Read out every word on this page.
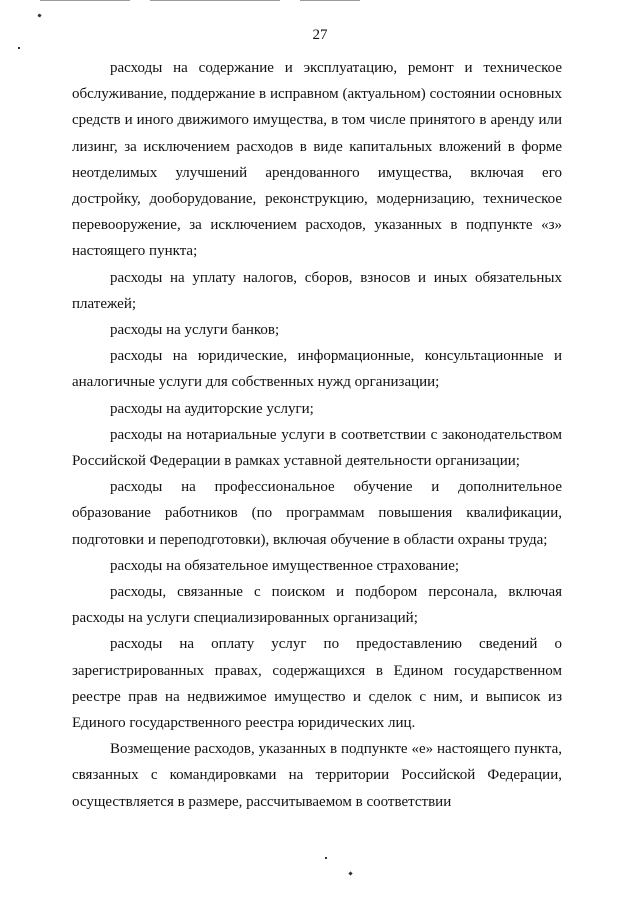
27

расходы на содержание и эксплуатацию, ремонт и техническое обслуживание, поддержание в исправном (актуальном) состоянии основных средств и иного движимого имущества, в том числе принятого в аренду или лизинг, за исключением расходов в виде капитальных вложений в форме неотделимых улучшений арендованного имущества, включая его достройку, дооборудование, реконструкцию, модернизацию, техническое перевооружение, за исключением расходов, указанных в подпункте «з» настоящего пункта;

расходы на уплату налогов, сборов, взносов и иных обязательных платежей;

расходы на услуги банков;

расходы на юридические, информационные, консультационные и аналогичные услуги для собственных нужд организации;

расходы на аудиторские услуги;

расходы на нотариальные услуги в соответствии с законодательством Российской Федерации в рамках уставной деятельности организации;

расходы на профессиональное обучение и дополнительное образование работников (по программам повышения квалификации, подготовки и переподготовки), включая обучение в области охраны труда;

расходы на обязательное имущественное страхование;

расходы, связанные с поиском и подбором персонала, включая расходы на услуги специализированных организаций;

расходы на оплату услуг по предоставлению сведений о зарегистрированных правах, содержащихся в Едином государственном реестре прав на недвижимое имущество и сделок с ним, и выписок из Единого государственного реестра юридических лиц.

Возмещение расходов, указанных в подпункте «е» настоящего пункта, связанных с командировками на территории Российской Федерации, осуществляется в размере, рассчитываемом в соответствии
